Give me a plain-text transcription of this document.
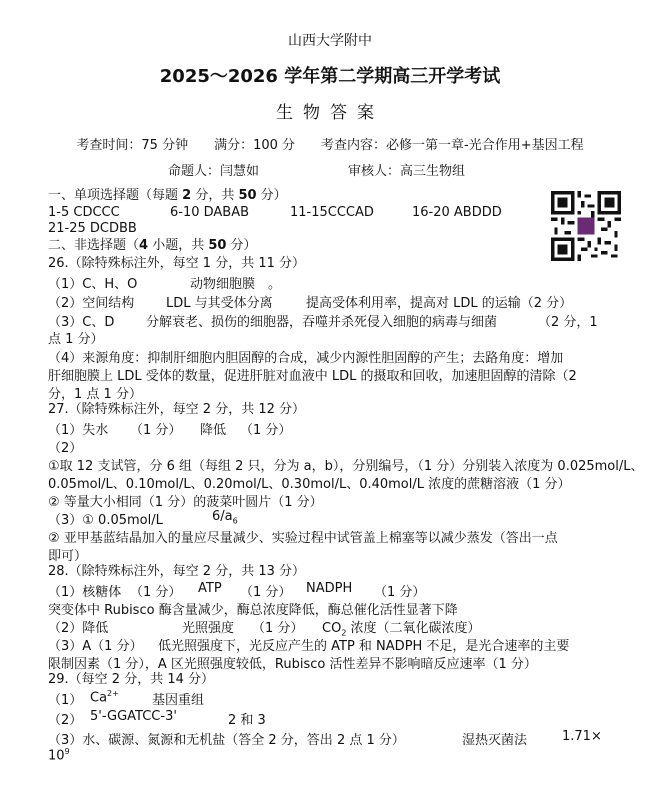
山西大学附中
2025～2026 学年第二学期高三开学考试
生物答案
考查时间：75 分钟　　满分：100 分　　考查内容：必修一第一章-光合作用+基因工程
命题人：闫慧如	审核人：高三生物组
一、单项选择题（每题 2 分，共 50 分）
1-5 CDCCC	6-10 DABAB	11-15CCCAD	16-20 ABDDD
21-25 DCDBB
二、非选择题（4 小题，共 50 分）
26.（除特殊标注外，每空 1 分，共 11 分）
（1）C、H、O	动物细胞膜　。
（2）空间结构 LDL 与其受体分离	提高受体利用率，提高对 LDL 的运输（2 分）
（3）C、D 分解衰老、损伤的细胞器，吞噬并杀死侵入细胞的病毒与细菌	（2 分，1
点 1 分）
（4）来源角度：抑制肝细胞内胆固醇的合成，减少内源性胆固醇的产生；去路角度：增加
肝细胞膜上 LDL 受体的数量，促进肝脏对血液中 LDL 的摄取和回收，加速胆固醇的清除（2
分，1 点 1 分）
27.（除特殊标注外，每空 2 分，共 12 分）
（1）失水 （1 分） 降低 （1 分）
（2）
①取 12 支试管，分 6 组（每组 2 只，分为 a，b），分别编号，（1 分）分别装入浓度为 0.025mol/L、
0.05mol/L、0.10mol/L、0.20mol/L、0.30mol/L、0.40mol/L 浓度的蔗糖溶液（1 分）
② 等量大小相同（1 分）的菠菜叶圆片（1 分）
（3）① 0.05mol/L	$6/a_6$
② 亚甲基蓝结晶加入的量应尽量减少、实验过程中试管盖上棉塞等以减少蒸发（答出一点
即可）
28.（除特殊标注外，每空 2 分，共 13 分）
（1）核糖体 （1 分） ATP （1 分） NADPH （1 分）
突变体中 Rubisco 酶含量减少，酶总浓度降低，酶总催化活性显著下降
（2）降低	光照强度 （1 分） $CO_2$ 浓度（二氧化碳浓度）
（3）A（1 分） 低光照强度下，光反应产生的 ATP 和 NADPH 不足，是光合速率的主要
限制因素（1 分），A 区光照强度较低，Rubisco 活性差异不影响暗反应速率（1 分）
29.（每空 2 分，共 14 分）
（1） $Ca^{2+}$	基因重组
（2） 5'-GGATCC-3'	2 和 3
（3）水、碳源、氮源和无机盐（答全 2 分，答出 2 点 1 分）	湿热灭菌法	1.71×
$10^9$
